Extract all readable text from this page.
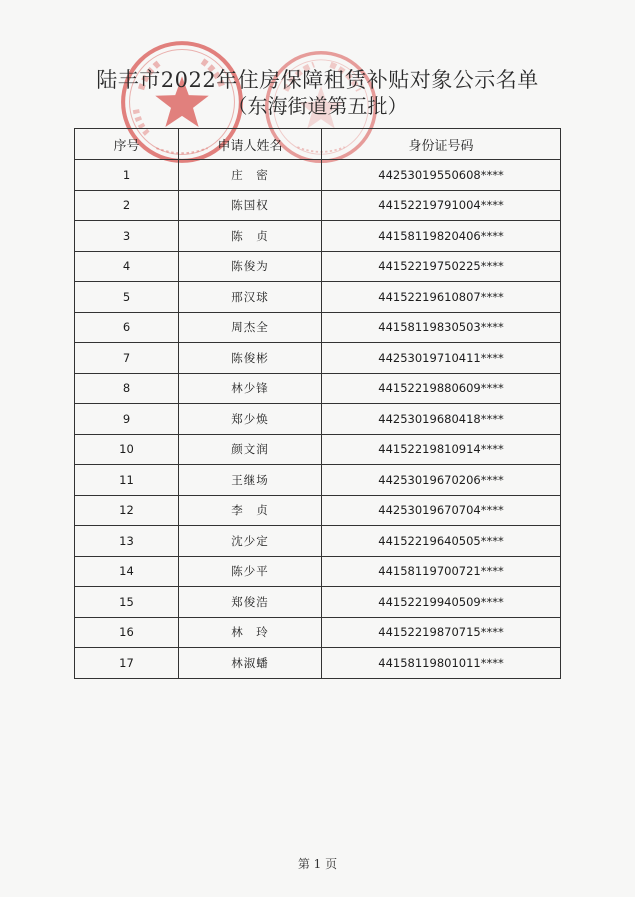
陆丰市2022年住房保障租赁补贴对象公示名单
（东海街道第五批）
序号	申请人姓名	身份证号码
1	庄　密	44253019550608****
2	陈国权	44152219791004****
3	陈　贞	44158119820406****
4	陈俊为	44152219750225****
5	邢汉球	44152219610807****
6	周杰全	44158119830503****
7	陈俊彬	44253019710411****
8	林少锋	44152219880609****
9	郑少焕	44253019680418****
10	颜文润	44152219810914****
11	王继场	44253019670206****
12	李　贞	44253019670704****
13	沈少定	44152219640505****
14	陈少平	44158119700721****
15	郑俊浩	44152219940509****
16	林　玲	44152219870715****
17	林淑蟠	44158119801011****
第 1 页
